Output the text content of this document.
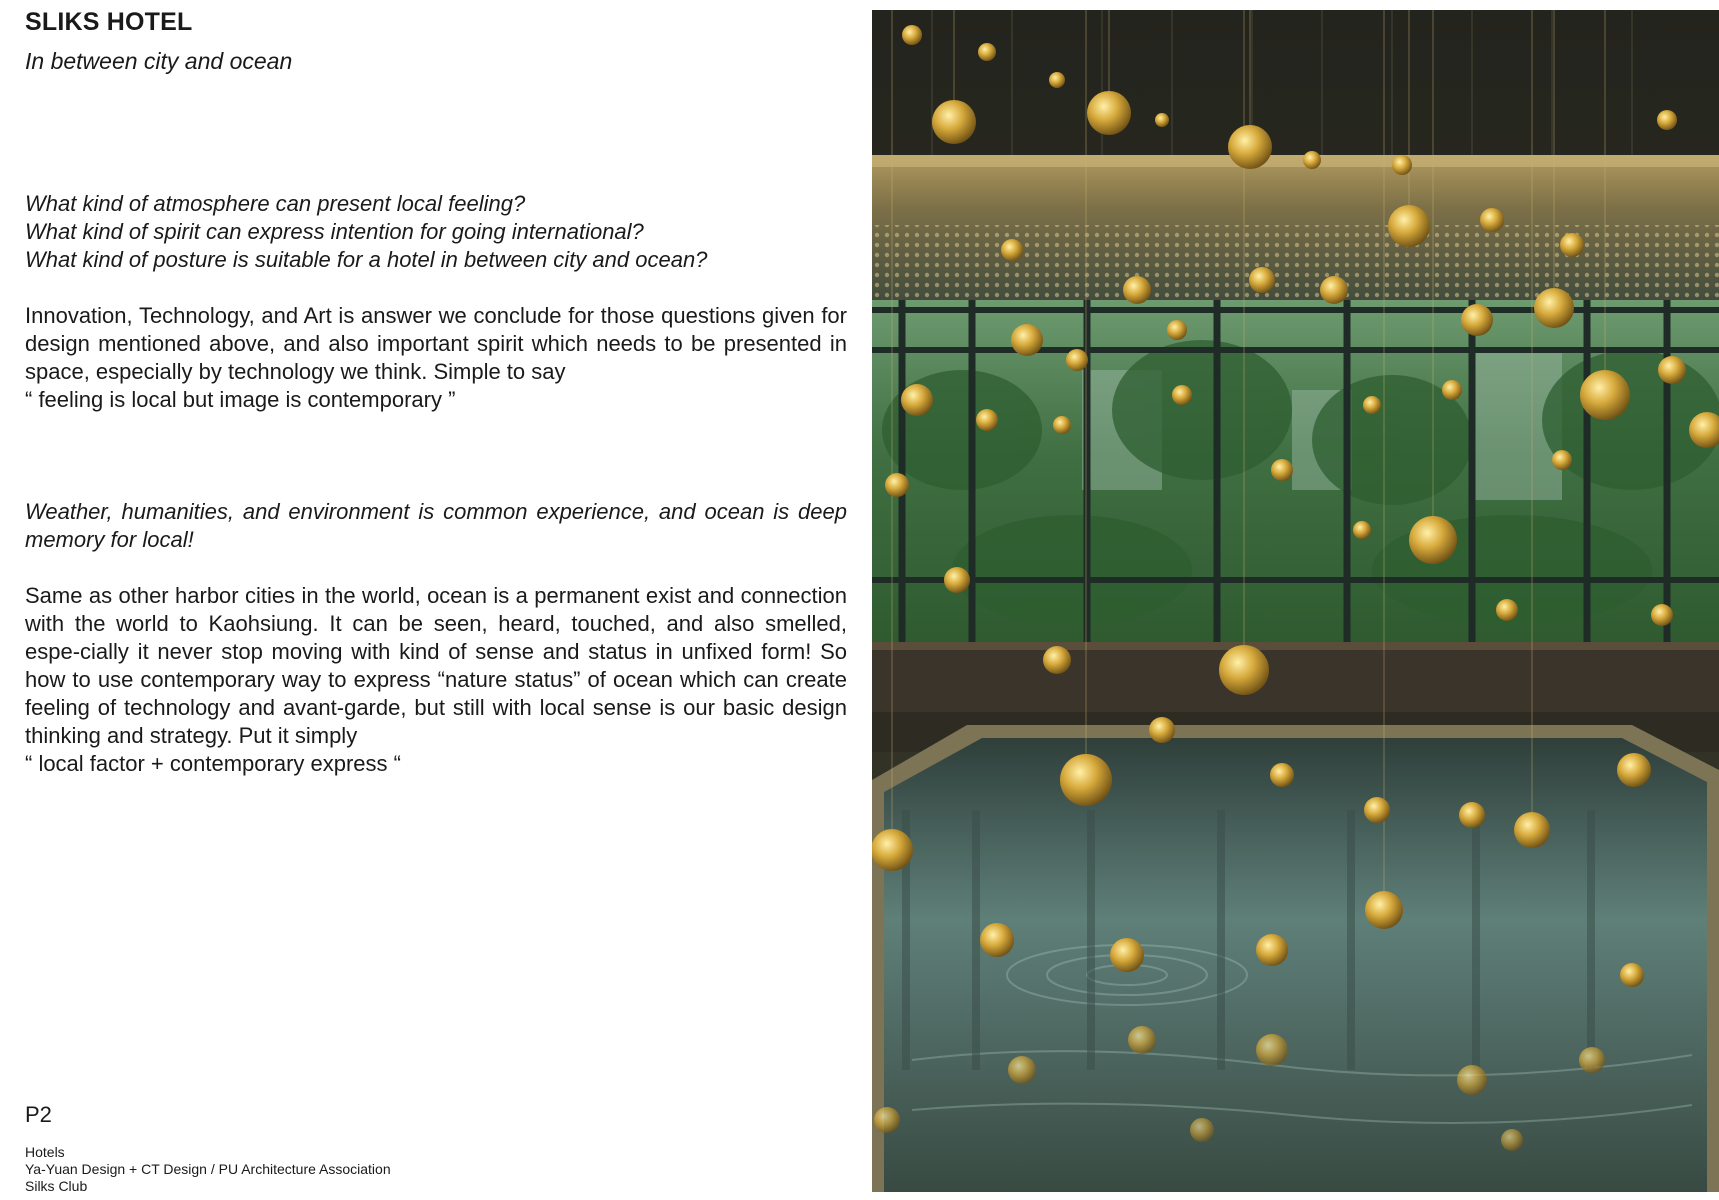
SLIKS HOTEL
In between city and ocean

What kind of atmosphere can present local feeling?

What kind of spirit can express intention for going international?

What kind of posture is suitable for a hotel in between city and ocean?

Innovation, Technology, and Art is answer we conclude for those questions given for design mentioned above, and also important spirit which needs to be presented in space, especially by technology we think. Simple to say

“ feeling is local but image is contemporary ”

Weather, humanities, and environment is common experience, and ocean is deep memory for local!

Same as other harbor cities in the world, ocean is a permanent exist and connection with the world to Kaohsiung. It can be seen, heard, touched, and also smelled, espe-cially it never stop moving with kind of sense and status in unfixed form! So how to use contemporary way to express “nature status” of ocean which can create feeling of technology and avant-garde, but still with local sense is our basic design thinking and strategy. Put it simply

“ local factor + contemporary express “

P2
Hotels
Ya-Yuan Design + CT Design / PU Architecture Association
Silks Club
